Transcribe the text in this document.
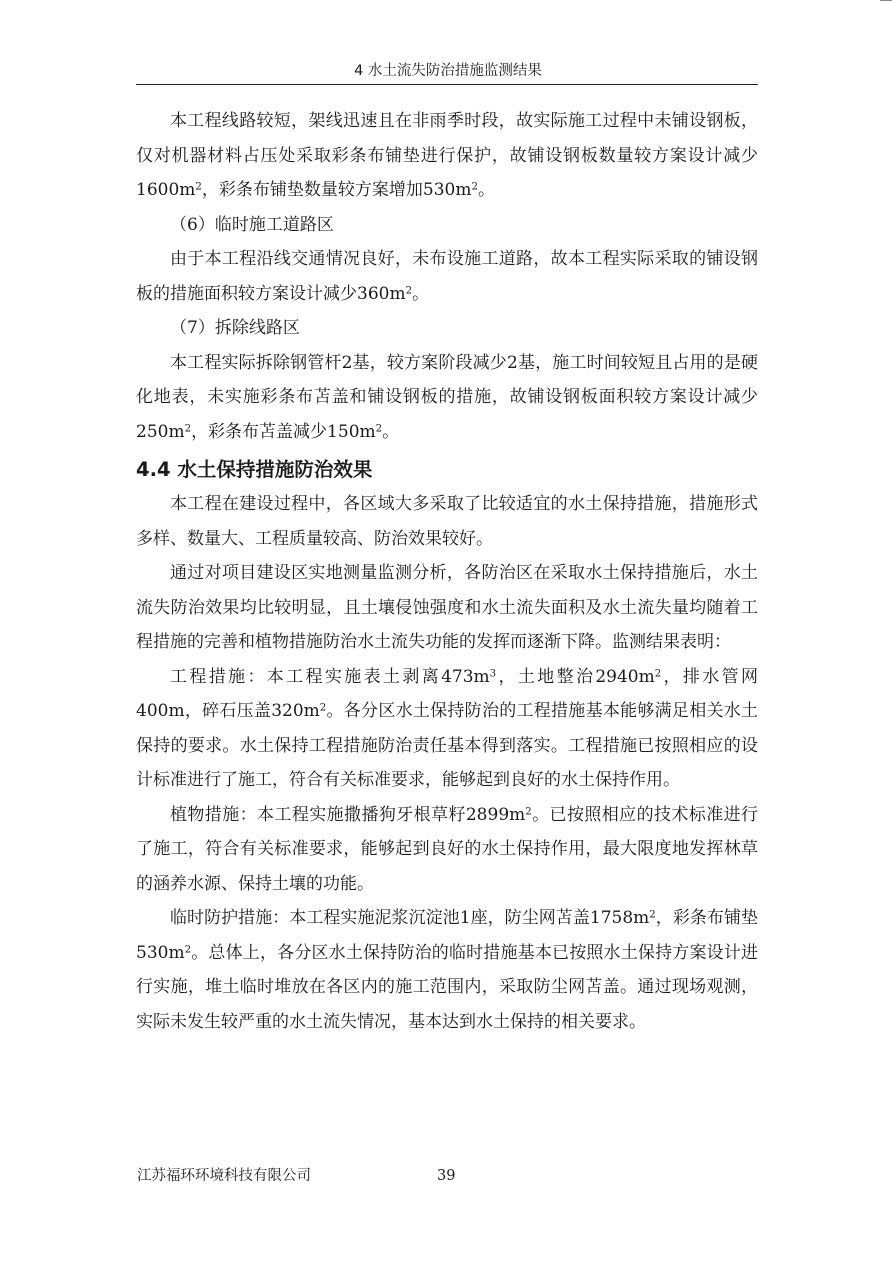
4 水土流失防治措施监测结果

本工程线路较短，架线迅速且在非雨季时段，故实际施工过程中未铺设钢板，仅对机器材料占压处采取彩条布铺垫进行保护，故铺设钢板数量较方案设计减少$1600m^2$，彩条布铺垫数量较方案增加$530m^2$。

（6）临时施工道路区

由于本工程沿线交通情况良好，未布设施工道路，故本工程实际采取的铺设钢板的措施面积较方案设计减少$360m^2$。

（7）拆除线路区

本工程实际拆除钢管杆2基，较方案阶段减少2基，施工时间较短且占用的是硬化地表，未实施彩条布苫盖和铺设钢板的措施，故铺设钢板面积较方案设计减少$250m^2$，彩条布苫盖减少$150m^2$。

4.4 水土保持措施防治效果

本工程在建设过程中，各区域大多采取了比较适宜的水土保持措施，措施形式多样、数量大、工程质量较高、防治效果较好。

通过对项目建设区实地测量监测分析，各防治区在采取水土保持措施后，水土流失防治效果均比较明显，且土壤侵蚀强度和水土流失面积及水土流失量均随着工程措施的完善和植物措施防治水土流失功能的发挥而逐渐下降。监测结果表明：

工程措施：本工程实施表土剥离$473m^3$，土地整治$2940m^2$，排水管网400m，碎石压盖$320m^2$。各分区水土保持防治的工程措施基本能够满足相关水土保持的要求。水土保持工程措施防治责任基本得到落实。工程措施已按照相应的设计标准进行了施工，符合有关标准要求，能够起到良好的水土保持作用。

植物措施：本工程实施撒播狗牙根草籽$2899m^2$。已按照相应的技术标准进行了施工，符合有关标准要求，能够起到良好的水土保持作用，最大限度地发挥林草的涵养水源、保持土壤的功能。

临时防护措施：本工程实施泥浆沉淀池1座，防尘网苫盖$1758m^2$，彩条布铺垫$530m^2$。总体上，各分区水土保持防治的临时措施基本已按照水土保持方案设计进行实施，堆土临时堆放在各区内的施工范围内，采取防尘网苫盖。通过现场观测，实际未发生较严重的水土流失情况，基本达到水土保持的相关要求。

江苏福环环境科技有限公司	39
